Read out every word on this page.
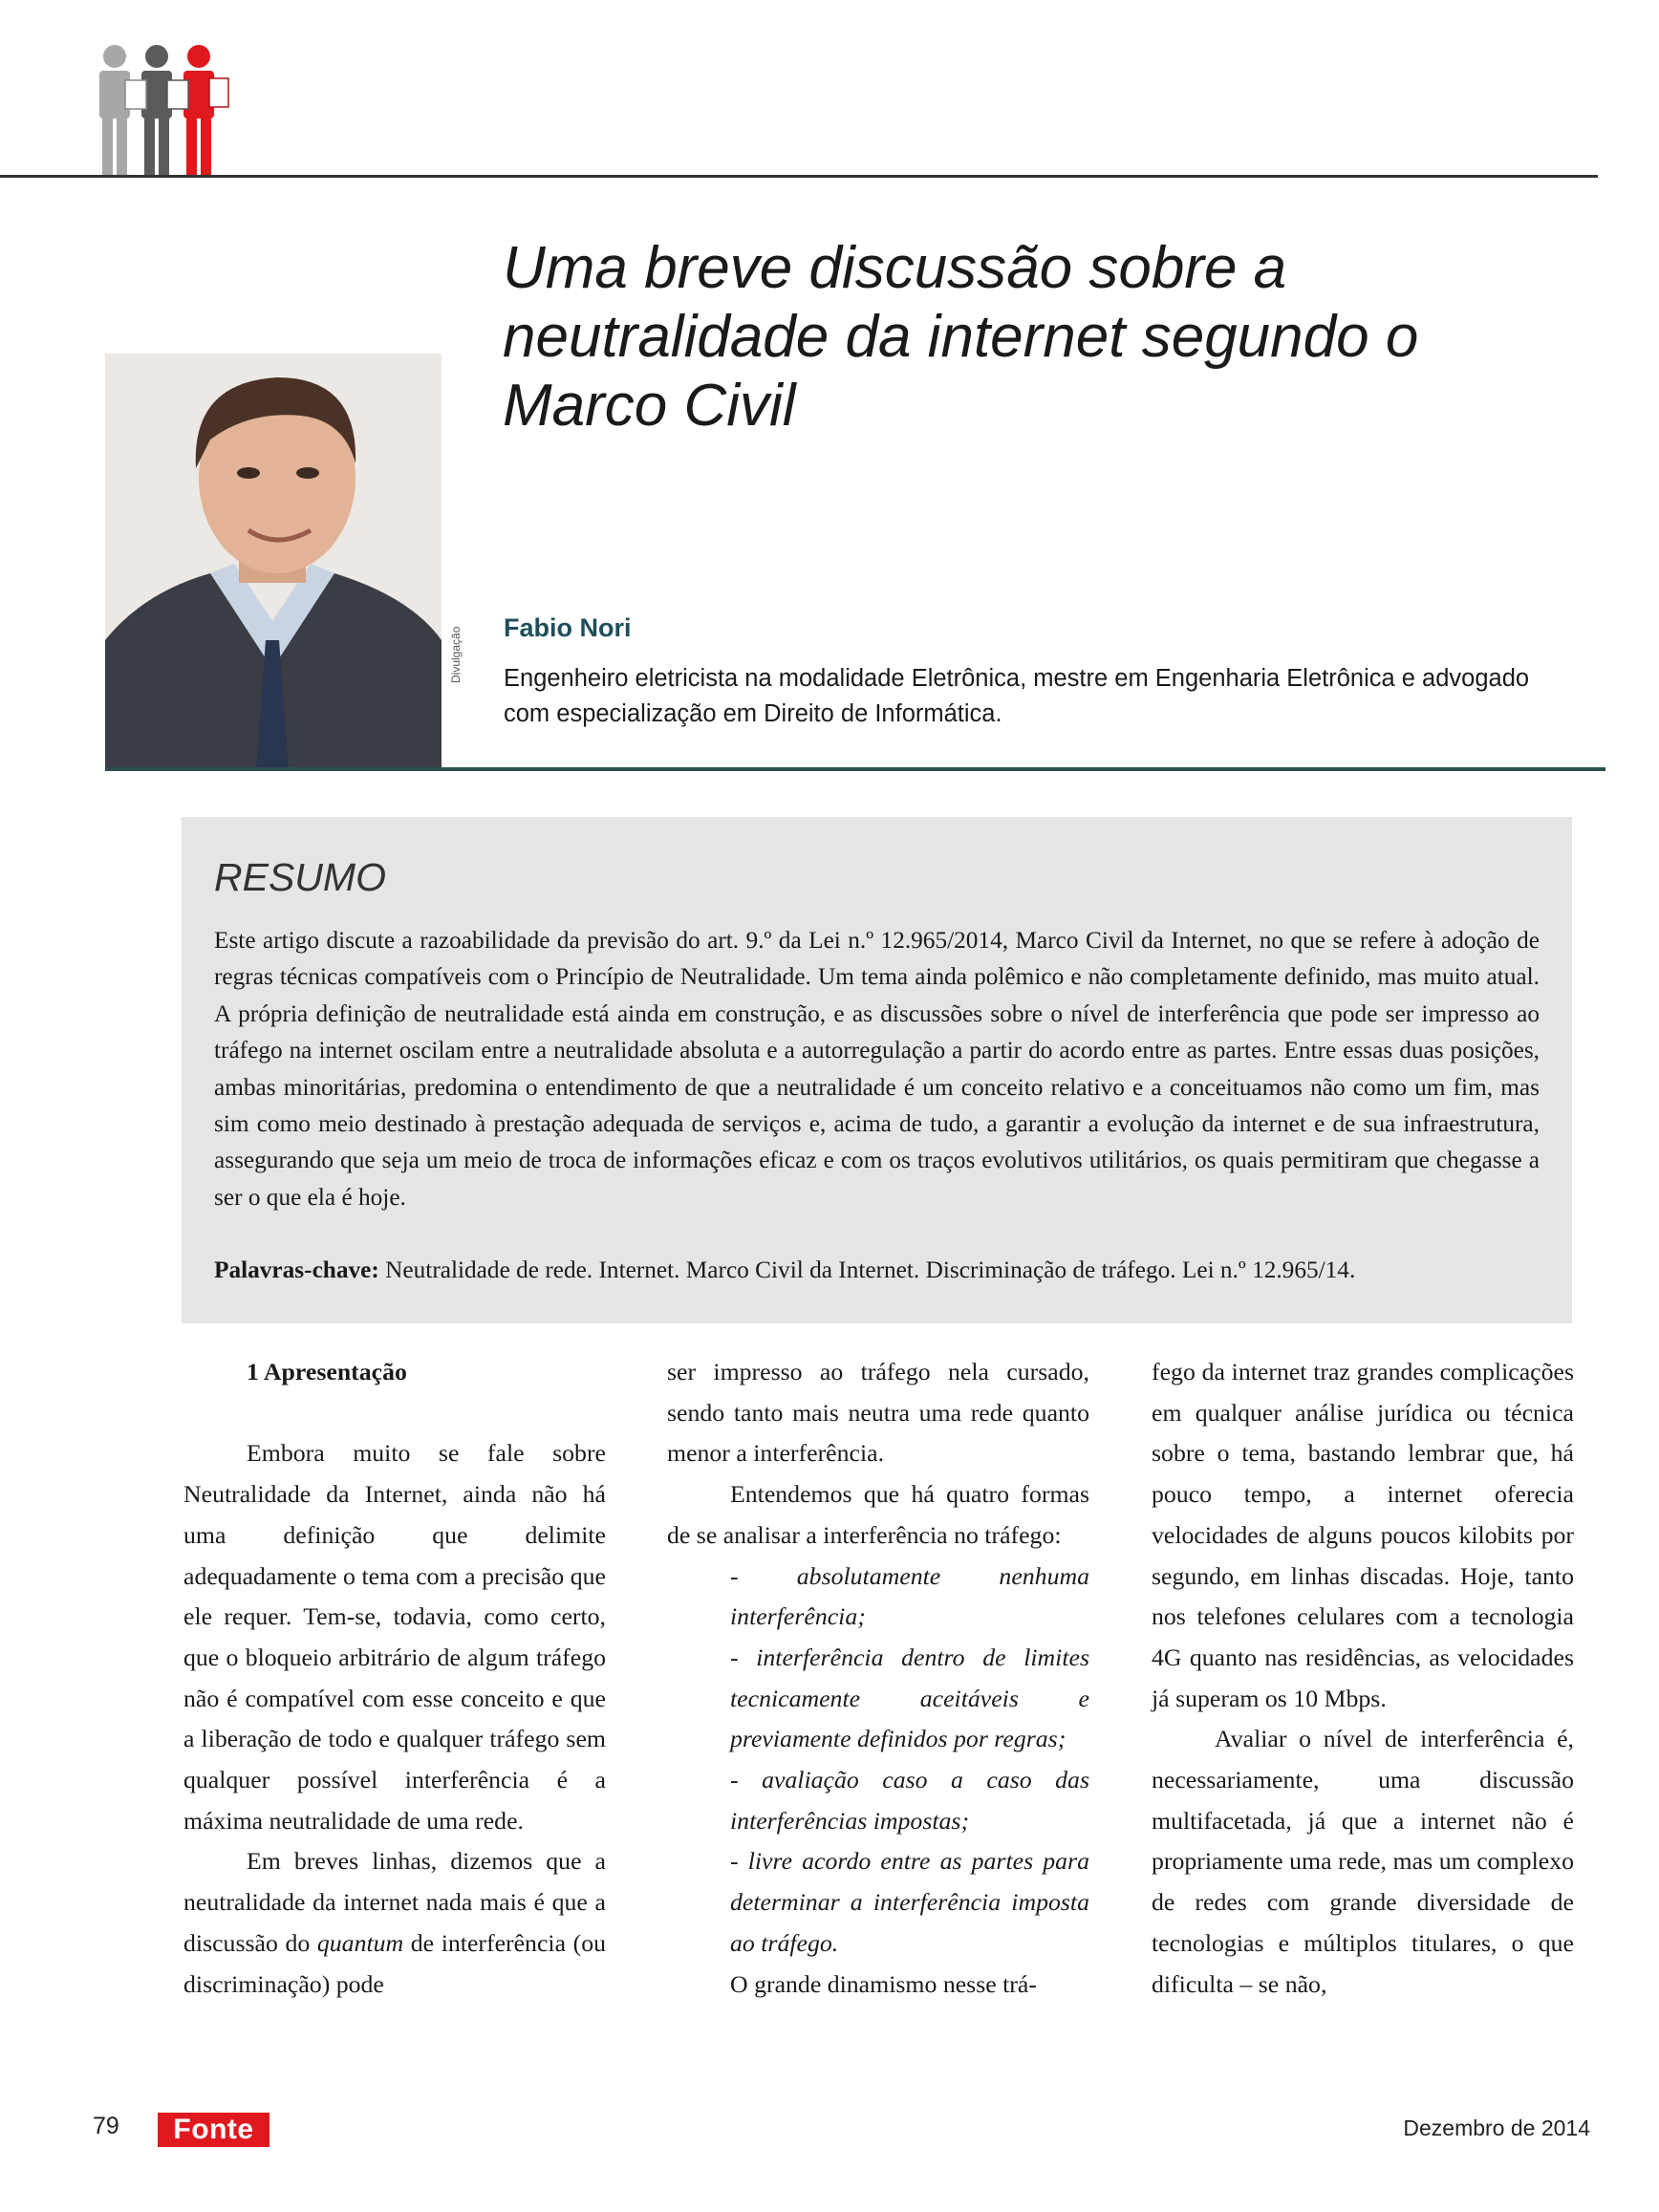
Uma breve discussão sobre a neutralidade da internet segundo o Marco Civil
Divulgação Fabio Nori
Engenheiro eletricista na modalidade Eletrônica, mestre em Engenharia Eletrônica e advogado com especialização em Direito de Informática.
RESUMO
Este artigo discute a razoabilidade da previsão do art. 9.º da Lei n.º 12.965/2014, Marco Civil da Internet, no que se refere à adoção de regras técnicas compatíveis com o Princípio de Neutralidade. Um tema ainda polêmico e não completamente definido, mas muito atual. A própria definição de neutralidade está ainda em construção, e as discussões sobre o nível de interferência que pode ser impresso ao tráfego na internet oscilam entre a neutralidade absoluta e a autorregulação a partir do acordo entre as partes. Entre essas duas posições, ambas minoritárias, predomina o entendimento de que a neutralidade é um conceito relativo e a conceituamos não como um fim, mas sim como meio destinado à prestação adequada de serviços e, acima de tudo, a garantir a evolução da internet e de sua infraestrutura, assegurando que seja um meio de troca de informações eficaz e com os traços evolutivos utilitários, os quais permitiram que chegasse a ser o que ela é hoje.
Palavras-chave: Neutralidade de rede. Internet. Marco Civil da Internet. Discriminação de tráfego. Lei n.º 12.965/14.

1 Apresentação

Embora muito se fale sobre Neutralidade da Internet, ainda não há uma definição que delimite adequadamente o tema com a precisão que ele requer. Tem-se, todavia, como certo, que o bloqueio arbitrário de algum tráfego não é compatível com esse conceito e que a liberação de todo e qualquer tráfego sem qualquer possível interferência é a máxima neutralidade de uma rede.

Em breves linhas, dizemos que a neutralidade da internet nada mais é que a discussão do quantum de interferência (ou discriminação) pode

ser impresso ao tráfego nela cursado, sendo tanto mais neutra uma rede quanto menor a interferência.

Entendemos que há quatro formas de se analisar a interferência no tráfego:

- absolutamente nenhuma interferência;

- interferência dentro de limites tecnicamente aceitáveis e previamente definidos por regras;

- avaliação caso a caso das interferências impostas;

- livre acordo entre as partes para determinar a interferência imposta ao tráfego.

O grande dinamismo nesse trá-

fego da internet traz grandes complicações em qualquer análise jurídica ou técnica sobre o tema, bastando lembrar que, há pouco tempo, a internet oferecia velocidades de alguns poucos kilobits por segundo, em linhas discadas. Hoje, tanto nos telefones celulares com a tecnologia 4G quanto nas residências, as velocidades já superam os 10 Mbps.

Avaliar o nível de interferência é, necessariamente, uma discussão multifacetada, já que a internet não é propriamente uma rede, mas um complexo de redes com grande diversidade de tecnologias e múltiplos titulares, o que dificulta – se não,

79	Fonte	Dezembro de 2014
